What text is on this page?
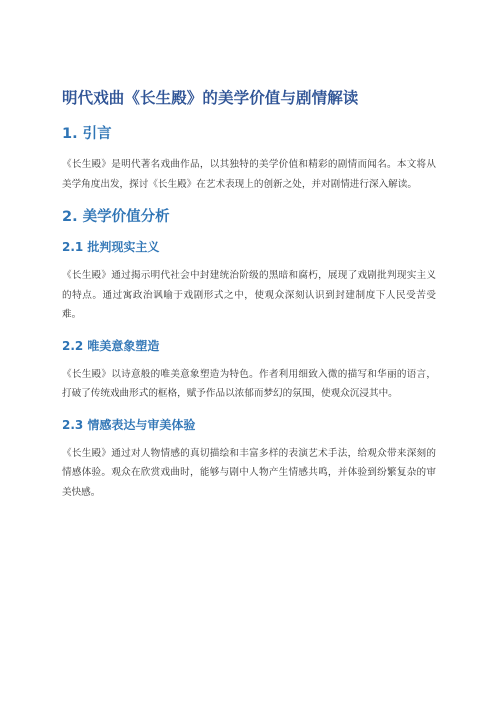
明代戏曲《长生殿》的美学价值与剧情解读
1. 引言

《长生殿》是明代著名戏曲作品，以其独特的美学价值和精彩的剧情而闻名。本文将从美学角度出发，探讨《长生殿》在艺术表现上的创新之处，并对剧情进行深入解读。

2. 美学价值分析
2.1 批判现实主义

《长生殿》通过揭示明代社会中封建统治阶级的黑暗和腐朽，展现了戏剧批判现实主义的特点。通过寓政治讽喻于戏剧形式之中，使观众深刻认识到封建制度下人民受苦受难。

2.2 唯美意象塑造

《长生殿》以诗意般的唯美意象塑造为特色。作者利用细致入微的描写和华丽的语言，打破了传统戏曲形式的框格，赋予作品以浓郁而梦幻的氛围，使观众沉浸其中。

2.3 情感表达与审美体验

《长生殿》通过对人物情感的真切描绘和丰富多样的表演艺术手法，给观众带来深刻的情感体验。观众在欣赏戏曲时，能够与剧中人物产生情感共鸣，并体验到纷繁复杂的审美快感。
